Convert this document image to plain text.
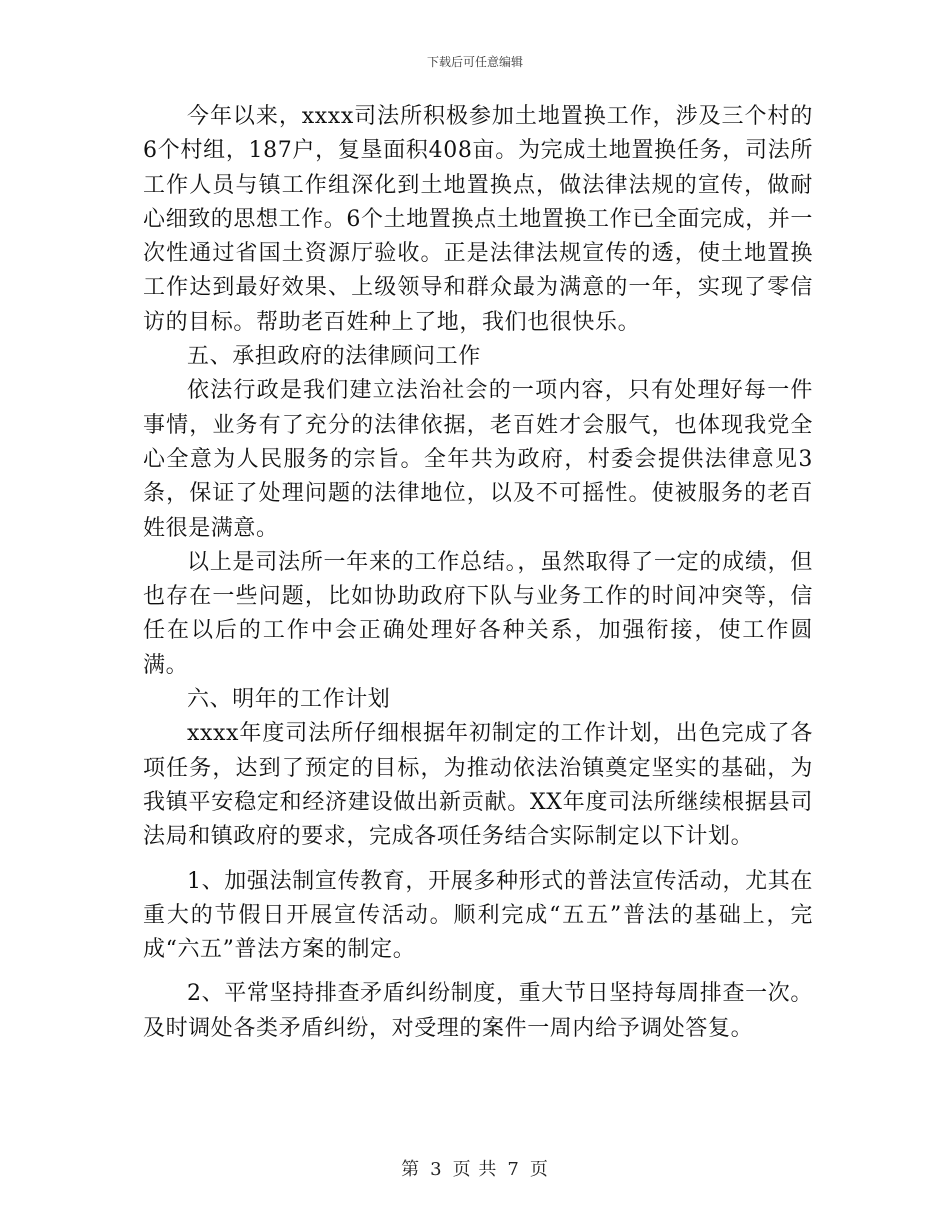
下载后可任意编辑

今年以来，xxxx司法所积极参加土地置换工作，涉及三个村的6个村组，187户，复垦面积408亩。为完成土地置换任务，司法所工作人员与镇工作组深化到土地置换点，做法律法规的宣传，做耐心细致的思想工作。6个土地置换点土地置换工作已全面完成，并一次性通过省国土资源厅验收。正是法律法规宣传的透，使土地置换工作达到最好效果、上级领导和群众最为满意的一年，实现了零信访的目标。帮助老百姓种上了地，我们也很快乐。

五、承担政府的法律顾问工作

依法行政是我们建立法治社会的一项内容，只有处理好每一件事情，业务有了充分的法律依据，老百姓才会服气，也体现我党全心全意为人民服务的宗旨。全年共为政府，村委会提供法律意见3条，保证了处理问题的法律地位，以及不可摇性。使被服务的老百姓很是满意。

以上是司法所一年来的工作总结。，虽然取得了一定的成绩，但也存在一些问题，比如协助政府下队与业务工作的时间冲突等，信任在以后的工作中会正确处理好各种关系，加强衔接，使工作圆满。

六、明年的工作计划

xxxx年度司法所仔细根据年初制定的工作计划，出色完成了各项任务，达到了预定的目标，为推动依法治镇奠定坚实的基础，为我镇平安稳定和经济建设做出新贡献。XX年度司法所继续根据县司法局和镇政府的要求，完成各项任务结合实际制定以下计划。

1、加强法制宣传教育，开展多种形式的普法宣传活动，尤其在重大的节假日开展宣传活动。顺利完成“五五”普法的基础上，完成“六五”普法方案的制定。

2、平常坚持排查矛盾纠纷制度，重大节日坚持每周排查一次。及时调处各类矛盾纠纷，对受理的案件一周内给予调处答复。

第 3 页 共 7 页
